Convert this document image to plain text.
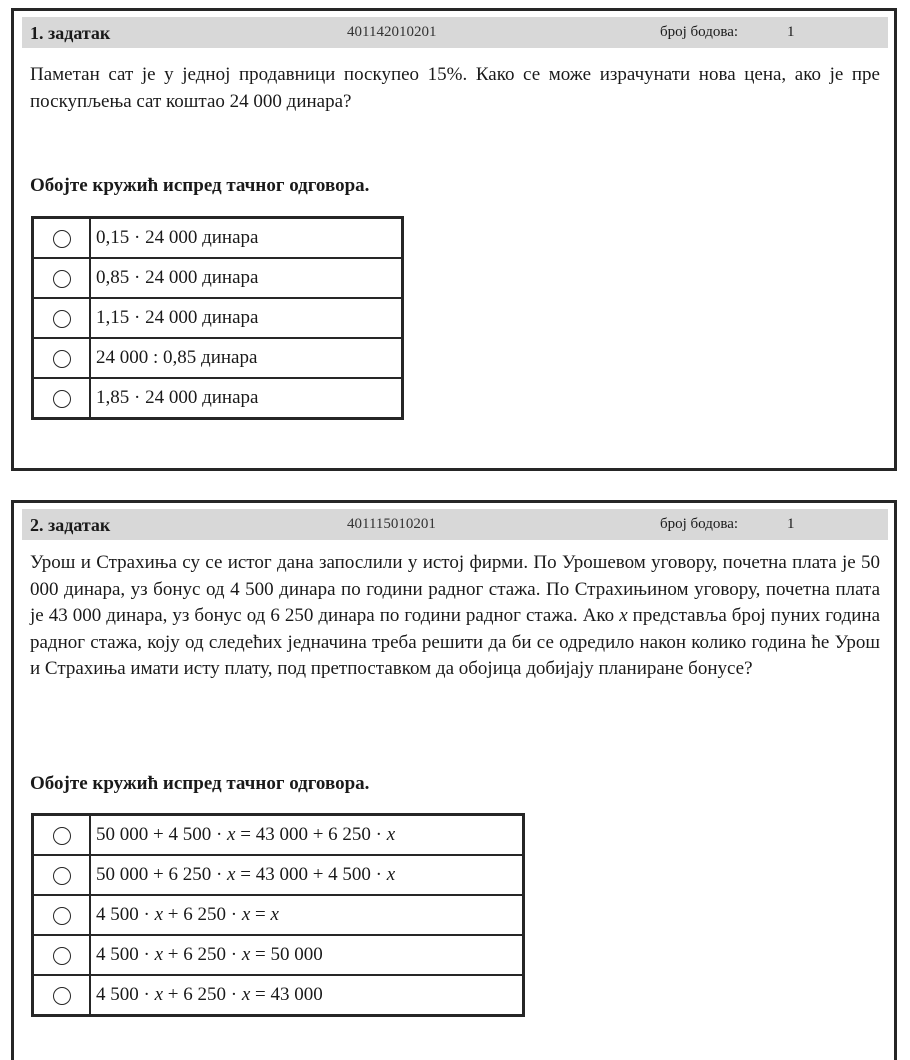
1. задатак	401142010201	број бодова:	1
Паметан сат је у једној продавници поскупео 15%. Како се може израчунати нова цена, ако је пре поскупљења сат коштао 24 000 динара?
Обојте кружић испред тачног одговора.
	0,15 · 24 000 динара
	0,85 · 24 000 динара
	1,15 · 24 000 динара
	24 000 : 0,85 динара
	1,85 · 24 000 динара
2. задатак	401115010201	број бодова:	1
Урош и Страхиња су се истог дана запослили у истој фирми. По Урошевом уговору, почетна плата је 50 000 динара, уз бонус од 4 500 динара по години радног стажа. По Страхињином уговору, почетна плата је 43 000 динара, уз бонус од 6 250 динара по години радног стажа. Ако x представља број пуних година радног стажа, коју од следећих једначина треба решити да би се одредило након колико година ће Урош и Страхиња имати исту плату, под претпоставком да обојица добијају планиране бонусе?
Обојте кружић испред тачног одговора.
	50 000 + 4 500 · x = 43 000 + 6 250 · x
	50 000 + 6 250 · x = 43 000 + 4 500 · x
	4 500 · x + 6 250 · x = x
	4 500 · x + 6 250 · x = 50 000
	4 500 · x + 6 250 · x = 43 000
